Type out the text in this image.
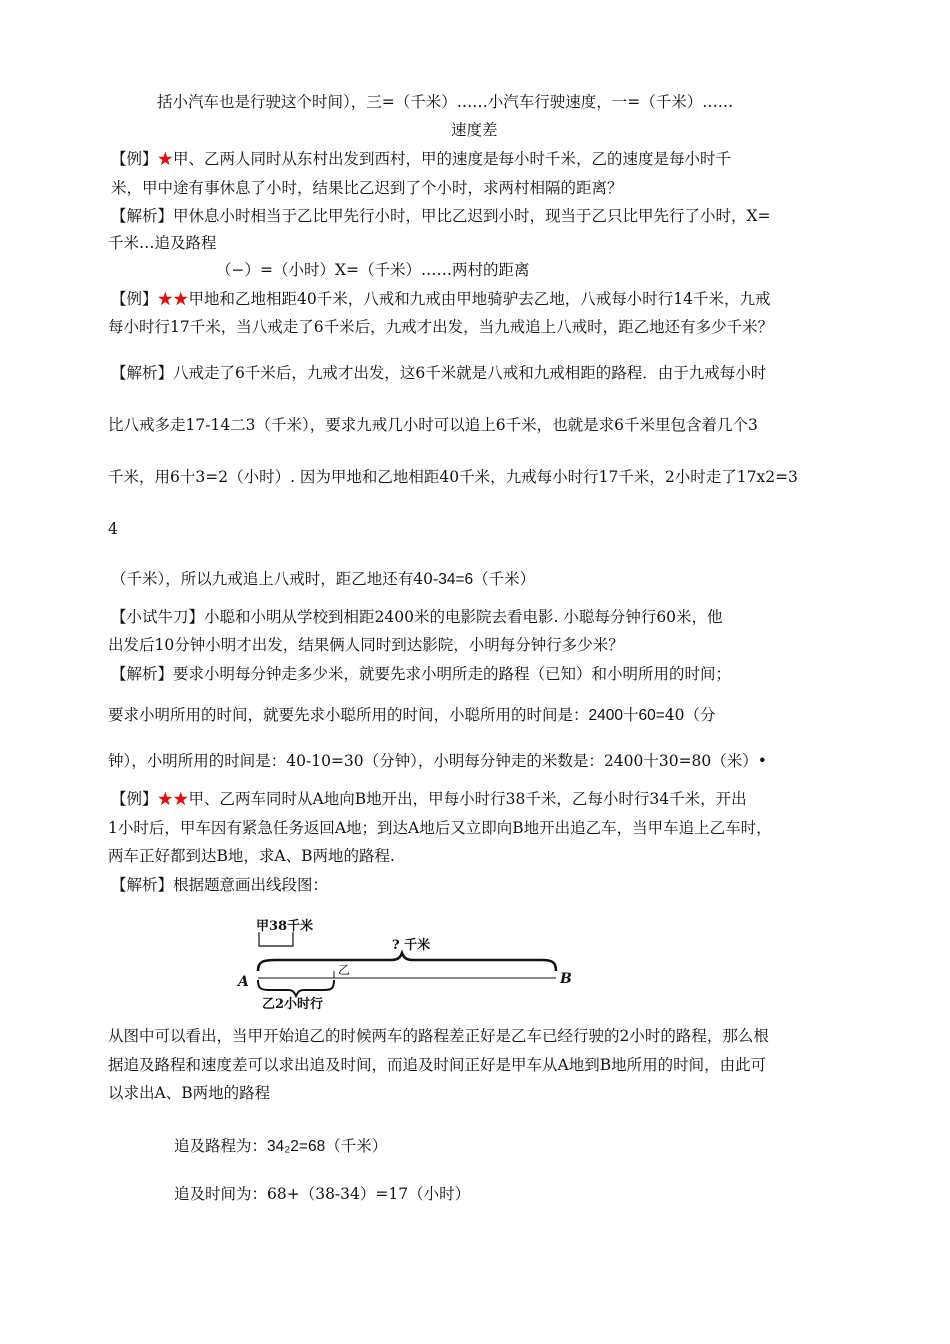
括小汽车也是行驶这个时间），三=（千米）……小汽车行驶速度，一=（千米）……
速度差
【例】★甲、乙两人同时从东村出发到西村，甲的速度是每小时千米，乙的速度是每小时千
米，甲中途有事休息了小时，结果比乙迟到了个小时，求两村相隔的距离？
【解析】甲休息小时相当于乙比甲先行小时，甲比乙迟到小时，现当于乙只比甲先行了小时，X=
千米…追及路程
（−）=（小时）X=（千米）……两村的距离
【例】★★甲地和乙地相距40千米，八戒和九戒由甲地骑驴去乙地，八戒每小时行14千米，九戒
每小时行17千米，当八戒走了6千米后，九戒才出发，当九戒追上八戒时，距乙地还有多少千米？
【解析】八戒走了6千米后，九戒才出发，这6千米就是八戒和九戒相距的路程．由于九戒每小时
比八戒多走17-14二3（千米），要求九戒几小时可以追上6千米，也就是求6千米里包含着几个3
千米，用6十3=2（小时）. 因为甲地和乙地相距40千米，九戒每小时行17千米，2小时走了17x2=3
4
（千米），所以九戒追上八戒时，距乙地还有40-34=6（千米）
【小试牛刀】小聪和小明从学校到相距2400米的电影院去看电影. 小聪每分钟行60米，他
出发后10分钟小明才出发，结果俩人同时到达影院，小明每分钟行多少米？
【解析】要求小明每分钟走多少米，就要先求小明所走的路程（已知）和小明所用的时间；
要求小明所用的时间，就要先求小聪所用的时间，小聪所用的时间是：2400十60=40（分
钟），小明所用的时间是：40-10=30（分钟），小明每分钟走的米数是：2400十30=80（米）•
【例】★★甲、乙两车同时从A地向B地开出，甲每小时行38千米，乙每小时行34千米，开出
1小时后，甲车因有紧急任务返回A地；到达A地后又立即向B地开出追乙车，当甲车追上乙车时，
两车正好都到达B地，求A、B两地的路程.
【解析】根据题意画出线段图：
甲38千米
? 千米
A	B
乙
乙2小时行
从图中可以看出，当甲开始追乙的时候两车的路程差正好是乙车已经行驶的2小时的路程，那么根
据追及路程和速度差可以求出追及时间，而追及时间正好是甲车从A地到B地所用的时间，由此可
以求出A、B两地的路程
追及路程为：34₂2=68（千米）
追及时间为：68+（38-34）=17（小时）
